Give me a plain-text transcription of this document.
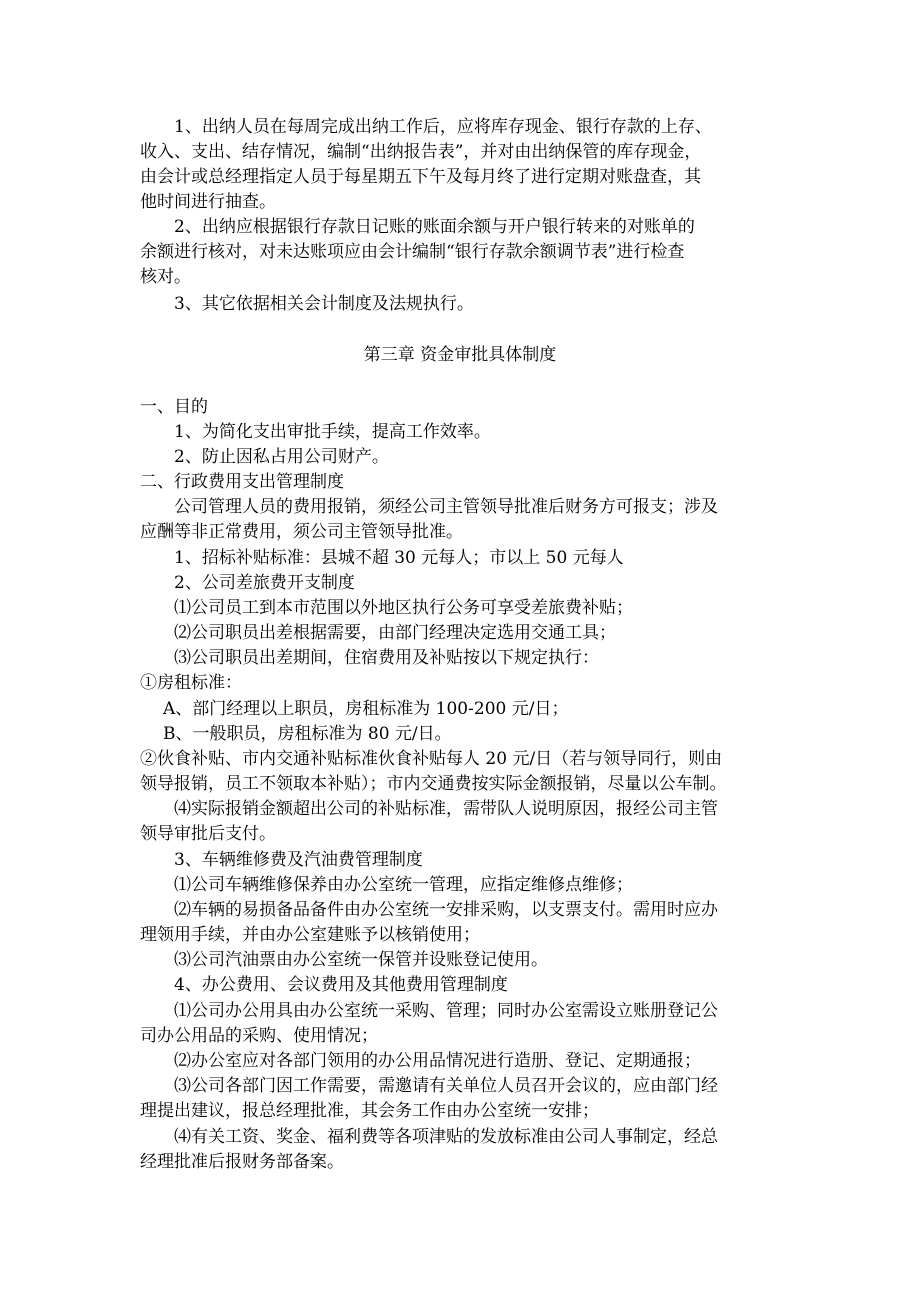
1、出纳人员在每周完成出纳工作后，应将库存现金、银行存款的上存、
收入、支出、结存情况，编制“出纳报告表”，并对由出纳保管的库存现金，
由会计或总经理指定人员于每星期五下午及每月终了进行定期对账盘查，其
他时间进行抽查。
2、出纳应根据银行存款日记账的账面余额与开户银行转来的对账单的
余额进行核对，对未达账项应由会计编制“银行存款余额调节表”进行检查
核对。
3、其它依据相关会计制度及法规执行。
第三章 资金审批具体制度
一、目的
1、为简化支出审批手续，提高工作效率。
2、防止因私占用公司财产。
二、行政费用支出管理制度
公司管理人员的费用报销，须经公司主管领导批准后财务方可报支；涉及
应酬等非正常费用，须公司主管领导批准。
1、招标补贴标准：县城不超 30 元每人；市以上 50 元每人
2、公司差旅费开支制度
⑴公司员工到本市范围以外地区执行公务可享受差旅费补贴；
⑵公司职员出差根据需要，由部门经理决定选用交通工具；
⑶公司职员出差期间，住宿费用及补贴按以下规定执行：
①房租标准：
A、部门经理以上职员，房租标准为 100-200 元/日；
B、一般职员，房租标准为 80 元/日。
②伙食补贴、市内交通补贴标准伙食补贴每人 20 元/日（若与领导同行，则由
领导报销，员工不领取本补贴）；市内交通费按实际金额报销，尽量以公车制。
⑷实际报销金额超出公司的补贴标准，需带队人说明原因，报经公司主管
领导审批后支付。
3、车辆维修费及汽油费管理制度
⑴公司车辆维修保养由办公室统一管理，应指定维修点维修；
⑵车辆的易损备品备件由办公室统一安排采购，以支票支付。需用时应办
理领用手续，并由办公室建账予以核销使用；
⑶公司汽油票由办公室统一保管并设账登记使用。
4、办公费用、会议费用及其他费用管理制度
⑴公司办公用具由办公室统一采购、管理；同时办公室需设立账册登记公
司办公用品的采购、使用情况；
⑵办公室应对各部门领用的办公用品情况进行造册、登记、定期通报；
⑶公司各部门因工作需要，需邀请有关单位人员召开会议的，应由部门经
理提出建议，报总经理批准，其会务工作由办公室统一安排；
⑷有关工资、奖金、福利费等各项津贴的发放标准由公司人事制定，经总
经理批准后报财务部备案。
